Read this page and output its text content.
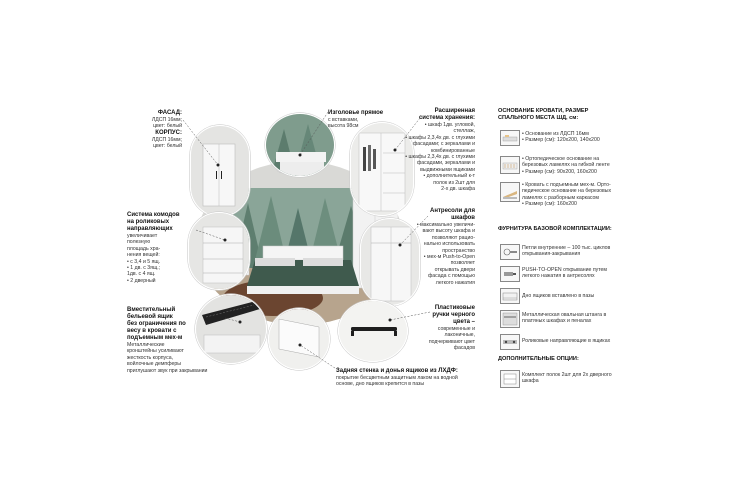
ФАСАД:
ЛДСП 16мм;
цвет: белый
КОРПУС:
ЛДСП 16мм;
цвет: белый
Система комодов
на роликовых
направляющих
увеличивает
полезную
площадь хра-
нения вещей:
• с 3,4 и 5 ящ.
• 1 дв. с 3ящ.;
1дв. с 4 ящ.
• 2 дверный
Вместительный
бельевой ящик
без ограничения по
весу в кровати с
подъемным мех-м
Металлические
кронштейны усиливают
жесткость корпуса,
войлочные демпферы
приглушают звук при закрывании
Изголовье прямое
с вставками,
высота 98см
Расширенная
система хранения:
• шкаф 1дв. угловой, стеллаж,
• шкафы 2,3,4х дв. с глухими
фасадами; с зеркалами и
комбинированные
• шкафы 2,3,4х дв. с глухими
фасадами, зеркалами и
выдвижными ящиками
• дополнительный к-т
полок из 2шт для
2-х дв. шкафа
Антресоли для
шкафов
• максимально увеличи-
вают высоту шкафа и
позволяют рацио-
нально использовать
пространство
• мех-м Push-to-Open
позволяет
открывать двери
фасада с помощью
легкого нажатия
Пластиковые
ручки черного
цвета –
современные и
лаконичные,
подчеркивают цвет
фасадов
Задняя стенка и донья ящиков из ЛХДФ:
покрытие бесцветным защитным лаком на водной
основе, дно ящиков крепится в пазы
ОСНОВАНИЕ КРОВАТИ, РАЗМЕР
СПАЛЬНОГО МЕСТА ШД, см:
• Основание из ЛДСП 16мм
• Размер (см): 120х200, 140х200
• Ортопедическое основание на
березовых ламелях на гибкой ленте
• Размер (см): 90х200, 160х200
• Кровать с подъемным мех-м. Орто-
педическое основание на березовых
ламелях с разборным каркасом
• Размер (см): 160х200
ФУРНИТУРА БАЗОВОЙ КОМПЛЕКТАЦИИ:
Петли внутренние – 100 тыс. циклов
открывания-закрывания
PUSH-TO-OPEN открывание путем
легкого нажатия в антресолях
Дно ящиков вставлено в пазы
Металлическая овальная штанга в
платяных шкафах и пеналах
Роликовые направляющие в ящиках
ДОПОЛНИТЕЛЬНЫЕ ОПЦИИ:
Комплект полок 2шт для 2х дверного
шкафа
